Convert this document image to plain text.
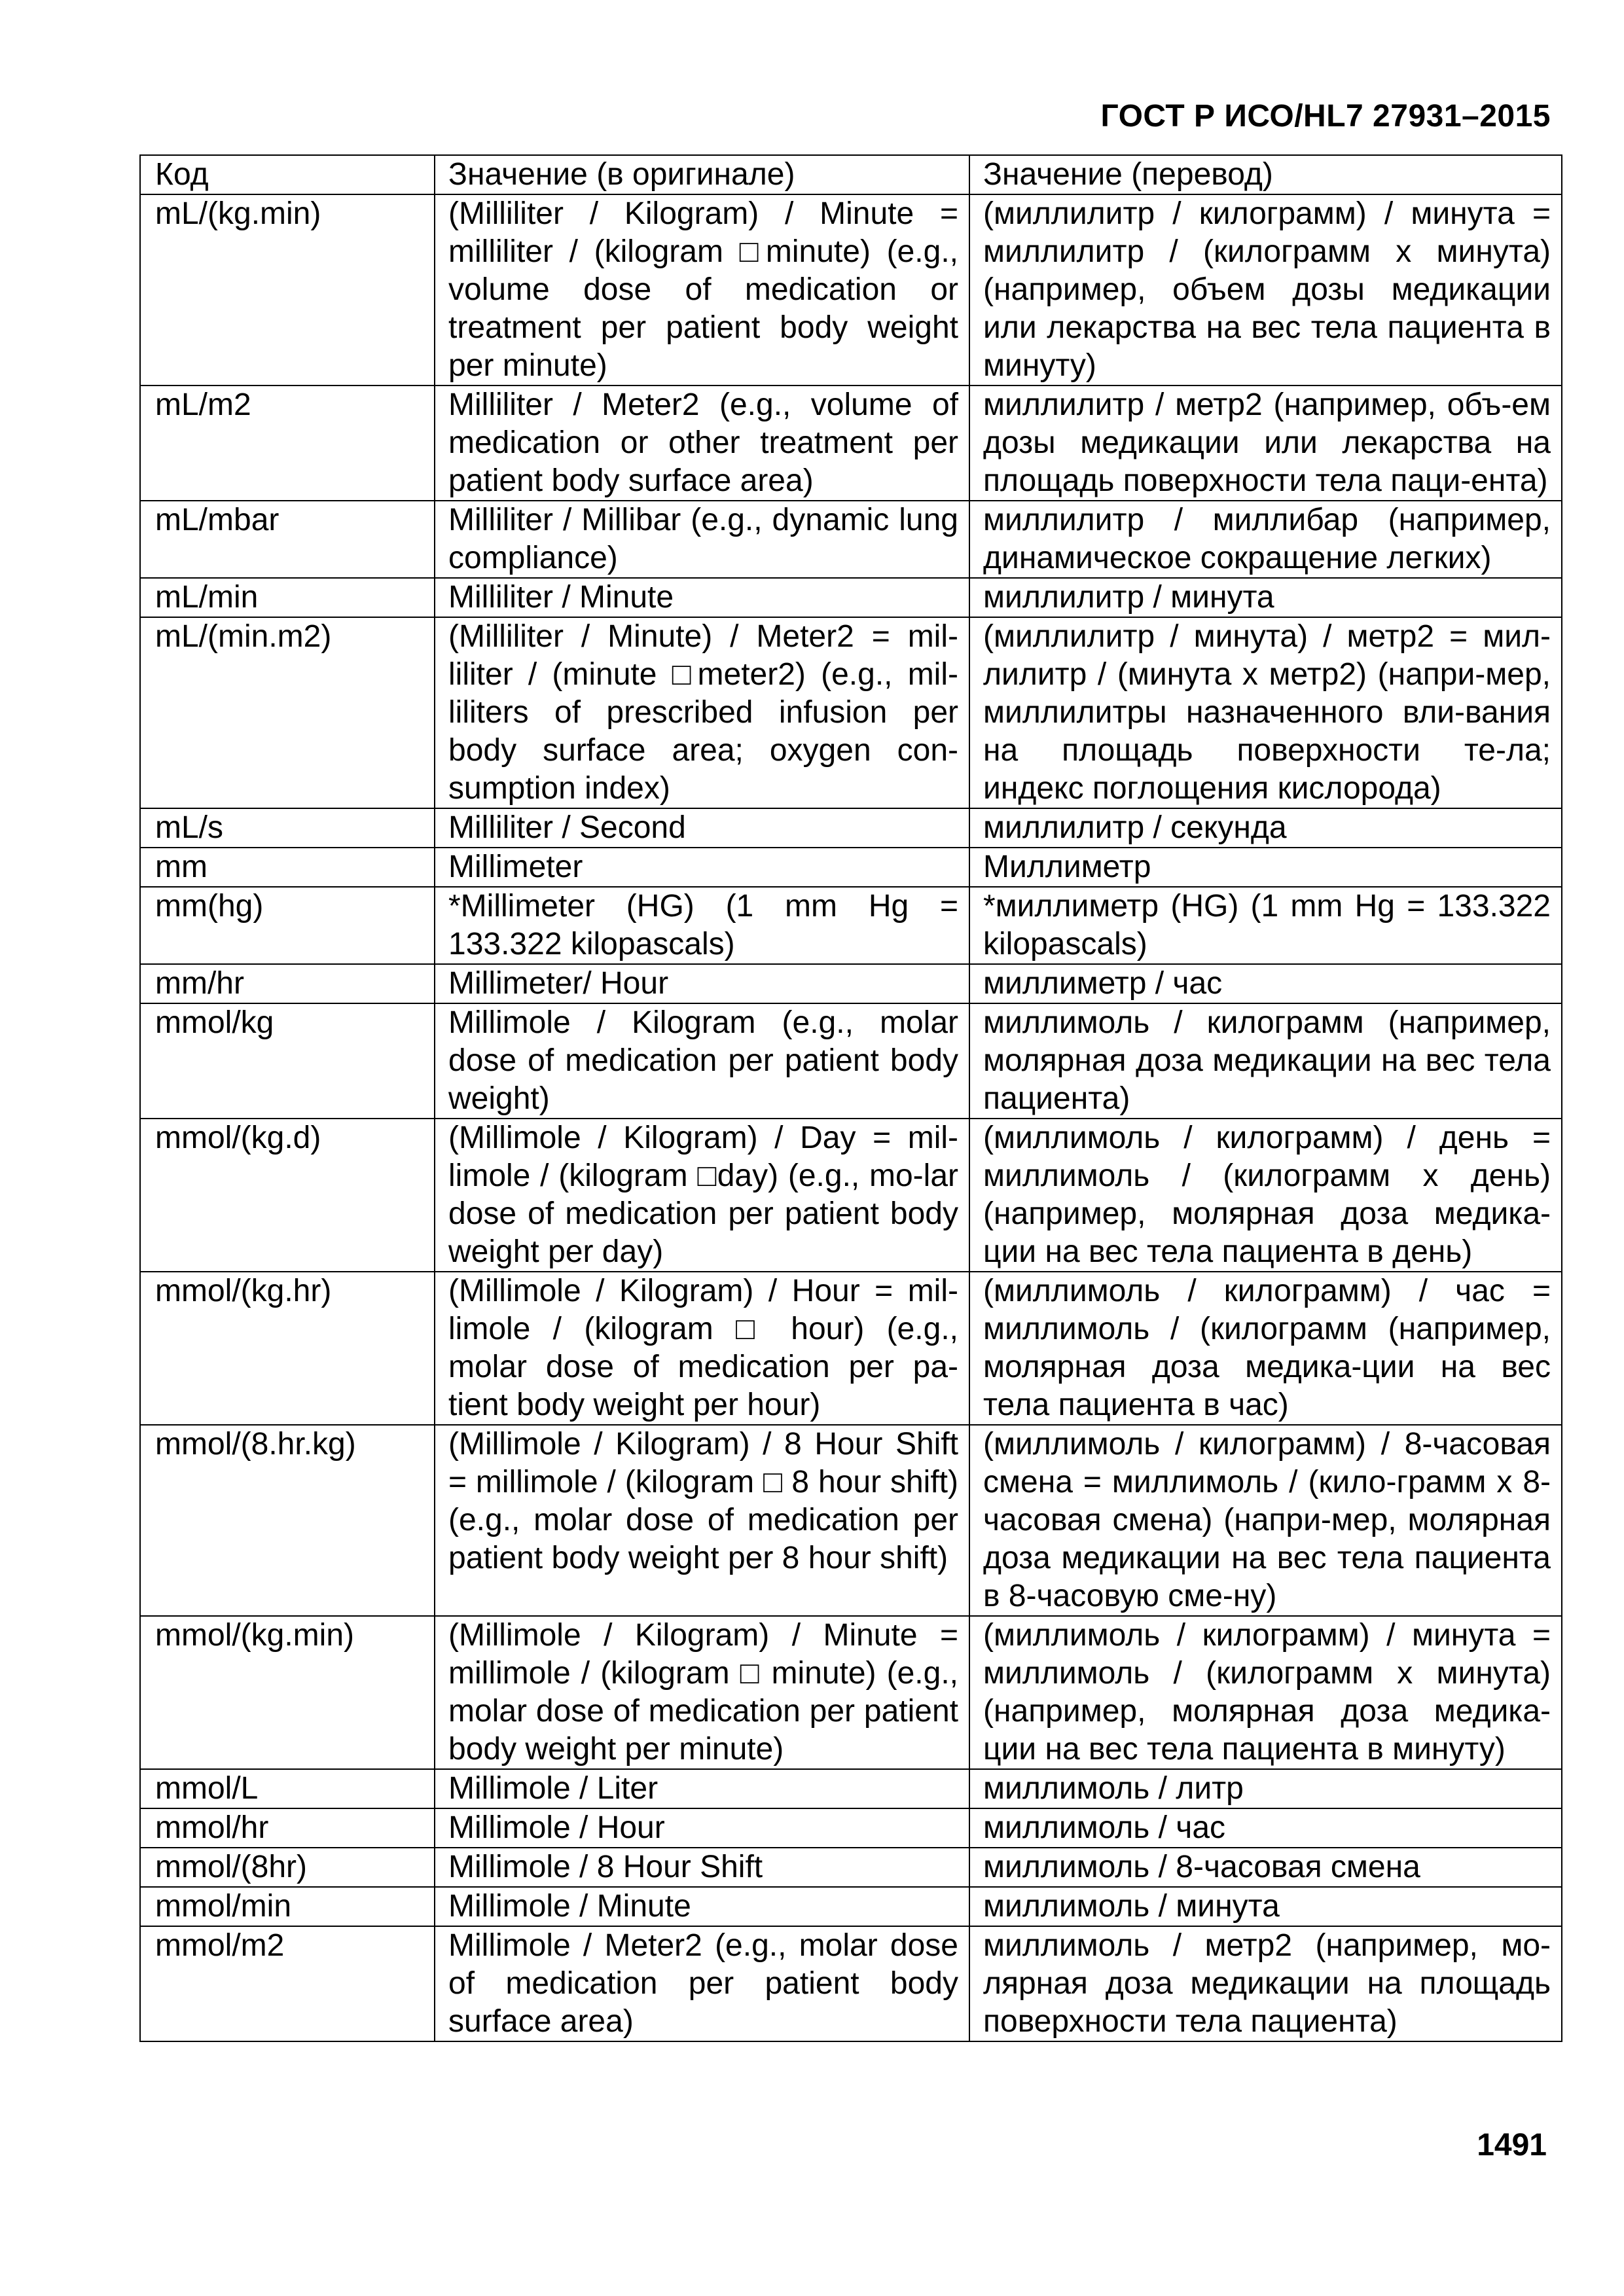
ГОСТ Р ИСО/HL7 27931–2015
Код	Значение (в оригинале)	Значение (перевод)
mL/(kg.min)	(Milliliter / Kilogram) / Minute = milliliter / (kilogram □minute) (e.g., volume dose of medication or treatment per patient body weight per minute)	(миллилитр / килограмм) / минута = миллилитр / (килограмм x минута) (например, объем дозы медикации или лекарства на вес тела пациента в минуту)
mL/m2	Milliliter / Meter2 (e.g., volume of medication or other treatment per patient body surface area)	миллилитр / метр2 (например, объ-ем дозы медикации или лекарства на площадь поверхности тела паци-ента)
mL/mbar	Milliliter / Millibar (e.g., dynamic lung compliance)	миллилитр / миллибар (например, динамическое сокращение легких)
mL/min	Milliliter / Minute	миллилитр / минута
mL/(min.m2)	(Milliliter / Minute) / Meter2 = mil-liliter / (minute □meter2) (e.g., mil-liliters of prescribed infusion per body surface area; oxygen con-sumption index)	(миллилитр / минута) / метр2 = мил-лилитр / (минута x метр2) (напри-мер, миллилитры назначенного вли-вания на площадь поверхности те-ла; индекс поглощения кислорода)
mL/s	Milliliter / Second	миллилитр / секунда
mm	Millimeter	Миллиметр
mm(hg)	*Millimeter (HG) (1 mm Hg = 133.322 kilopascals)	*миллиметр (HG) (1 mm Hg = 133.322 kilopascals)
mm/hr	Millimeter/ Hour	миллиметр / час
mmol/kg	Millimole / Kilogram (e.g., molar dose of medication per patient body weight)	миллимоль / килограмм (например, молярная доза медикации на вес тела пациента)
mmol/(kg.d)	(Millimole / Kilogram) / Day = mil-limole / (kilogram □day) (e.g., mo-lar dose of medication per patient body weight per day)	(миллимоль / килограмм) / день = миллимоль / (килограмм x день) (например, молярная доза медика-ции на вес тела пациента в день)
mmol/(kg.hr)	(Millimole / Kilogram) / Hour = mil-limole / (kilogram □ hour) (e.g., molar dose of medication per pa-tient body weight per hour)	(миллимоль / килограмм) / час = миллимоль / (килограмм (например, молярная доза медика-ции на вес тела пациента в час)
mmol/(8.hr.kg)	(Millimole / Kilogram) / 8 Hour Shift = millimole / (kilogram □ 8 hour shift) (e.g., molar dose of medication per patient body weight per 8 hour shift)	(миллимоль / килограмм) / 8-часовая смена = миллимоль / (кило-грамм x 8-часовая смена) (напри-мер, молярная доза медикации на вес тела пациента в 8-часовую сме-ну)
mmol/(kg.min)	(Millimole / Kilogram) / Minute = millimole / (kilogram □ minute) (e.g., molar dose of medication per patient body weight per minute)	(миллимоль / килограмм) / минута = миллимоль / (килограмм x минута) (например, молярная доза медика-ции на вес тела пациента в минуту)
mmol/L	Millimole / Liter	миллимоль / литр
mmol/hr	Millimole / Hour	миллимоль / час
mmol/(8hr)	Millimole / 8 Hour Shift	миллимоль / 8-часовая смена
mmol/min	Millimole / Minute	миллимоль / минута
mmol/m2	Millimole / Meter2 (e.g., molar dose of medication per patient body surface area)	миллимоль / метр2 (например, мо-лярная доза медикации на площадь поверхности тела пациента)
1491
